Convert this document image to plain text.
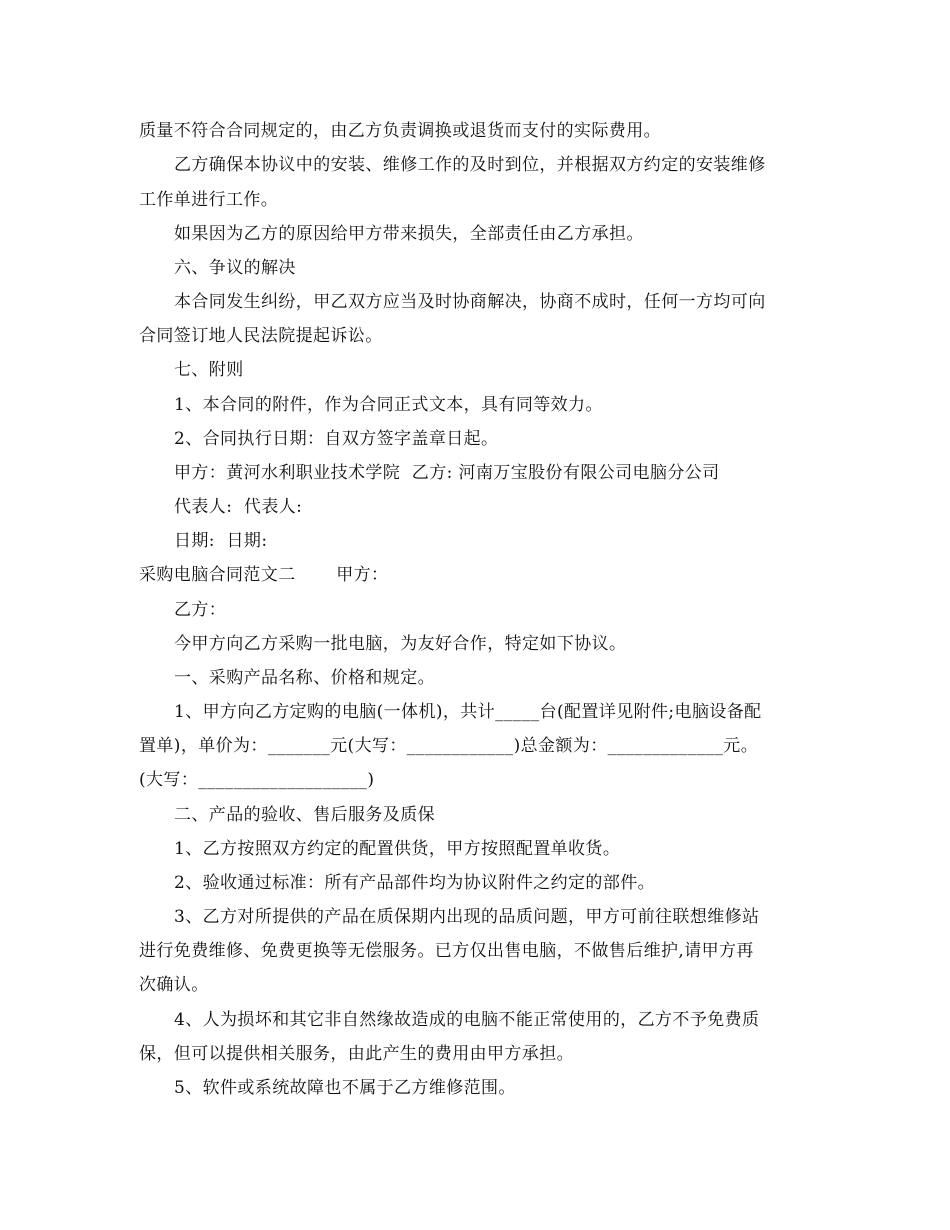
质量不符合合同规定的，由乙方负责调换或退货而支付的实际费用。
乙方确保本协议中的安装、维修工作的及时到位，并根据双方约定的安装维修
工作单进行工作。
如果因为乙方的原因给甲方带来损失，全部责任由乙方承担。
六、争议的解决
本合同发生纠纷，甲乙双方应当及时协商解决，协商不成时，任何一方均可向
合同签订地人民法院提起诉讼。
七、附则
1、本合同的附件，作为合同正式文本，具有同等效力。
2、合同执行日期：自双方签字盖章日起。
甲方：黄河水利职业技术学院  乙方: 河南万宝股份有限公司电脑分公司
代表人:  代表人:
日期:  日期:
采购电脑合同范文二       甲方：
乙方：
今甲方向乙方采购一批电脑，为友好合作，特定如下协议。
一、采购产品名称、价格和规定。
1、甲方向乙方定购的电脑(一体机)，共计_____台(配置详见附件;电脑设备配
置单)，单价为：_______元(大写：____________)总金额为：_____________元。
(大写：___________________)
二、产品的验收、售后服务及质保
1、乙方按照双方约定的配置供货，甲方按照配置单收货。
2、验收通过标准：所有产品部件均为协议附件之约定的部件。
3、乙方对所提供的产品在质保期内出现的品质问题，甲方可前往联想维修站
进行免费维修、免费更换等无偿服务。已方仅出售电脑，不做售后维护,请甲方再
次确认。
4、人为损坏和其它非自然缘故造成的电脑不能正常使用的，乙方不予免费质
保，但可以提供相关服务，由此产生的费用由甲方承担。
5、软件或系统故障也不属于乙方维修范围。
